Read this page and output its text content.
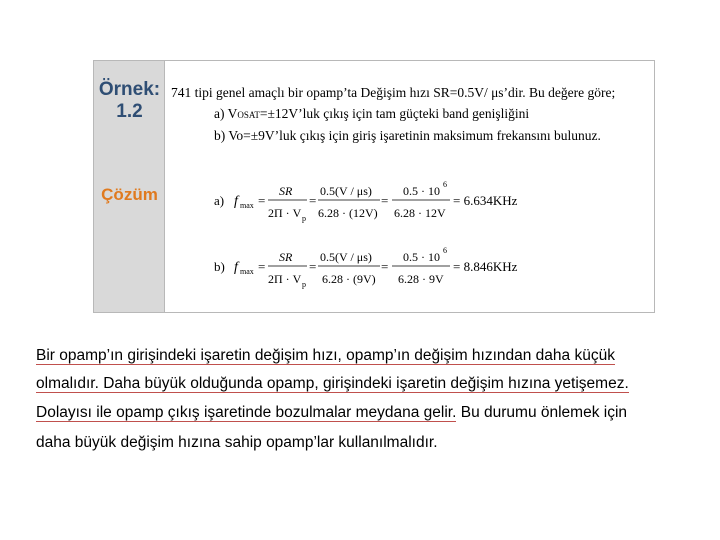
Örnek:
1.2
Çözüm
741 tipi genel amaçlı bir opamp’ta Değişim hızı SR=0.5V/ μs’dir. Bu değere göre;
a) VOSAT=±12V’luk çıkış için tam güçteki band genişliğini
b) Vo=±9V’luk çıkış için giriş işaretinin maksimum frekansını bulunuz.
a) f max =
SR
2Π · V p
=
0.5(V / μs)
6.28 · (12V)
=
0.5 · 10 6
6.28 · 12V
= 6.634KHz
b) f max =
SR
2Π · V p
=
0.5(V / μs)
6.28 · (9V)
=
0.5 · 10 6
6.28 · 9V
= 8.846KHz
Bir opamp’ın girişindeki işaretin değişim hızı, opamp’ın değişim hızından daha küçük
olmalıdır. Daha büyük olduğunda opamp, girişindeki işaretin değişim hızına yetişemez.
Dolayısı ile opamp çıkış işaretinde bozulmalar meydana gelir. Bu durumu önlemek için
daha büyük değişim hızına sahip opamp’lar kullanılmalıdır.
